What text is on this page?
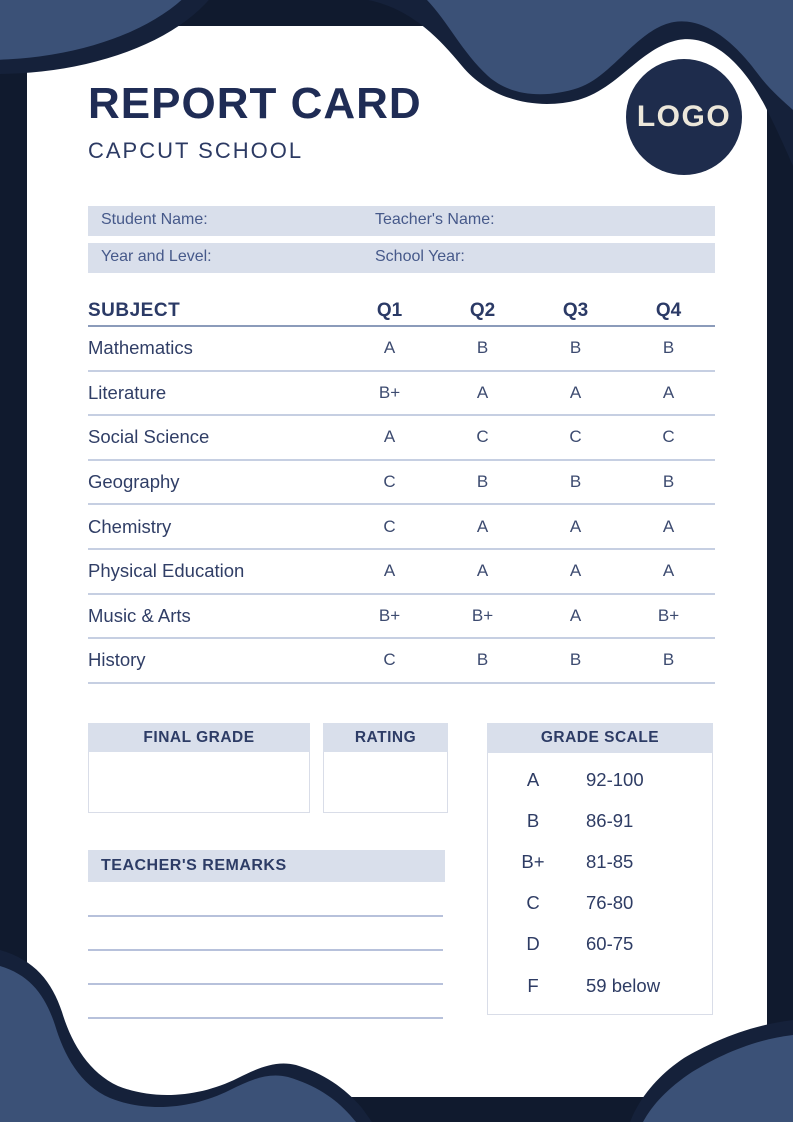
LOGO
REPORT CARD
CAPCUT SCHOOL
Student Name:	Teacher's Name:
Year and Level:	School Year:
SUBJECT	Q1	Q2	Q3	Q4
Mathematics	A	B	B	B
Literature	B+	A	A	A
Social Science	A	C	C	C
Geography	C	B	B	B
Chemistry	C	A	A	A
Physical Education	A	A	A	A
Music & Arts	B+	B+	A	B+
History	C	B	B	B
FINAL GRADE	RATING	GRADE SCALE
A	92-100
B	86-91
B+	81-85
C	76-80
D	60-75
F	59 below
TEACHER'S REMARKS
